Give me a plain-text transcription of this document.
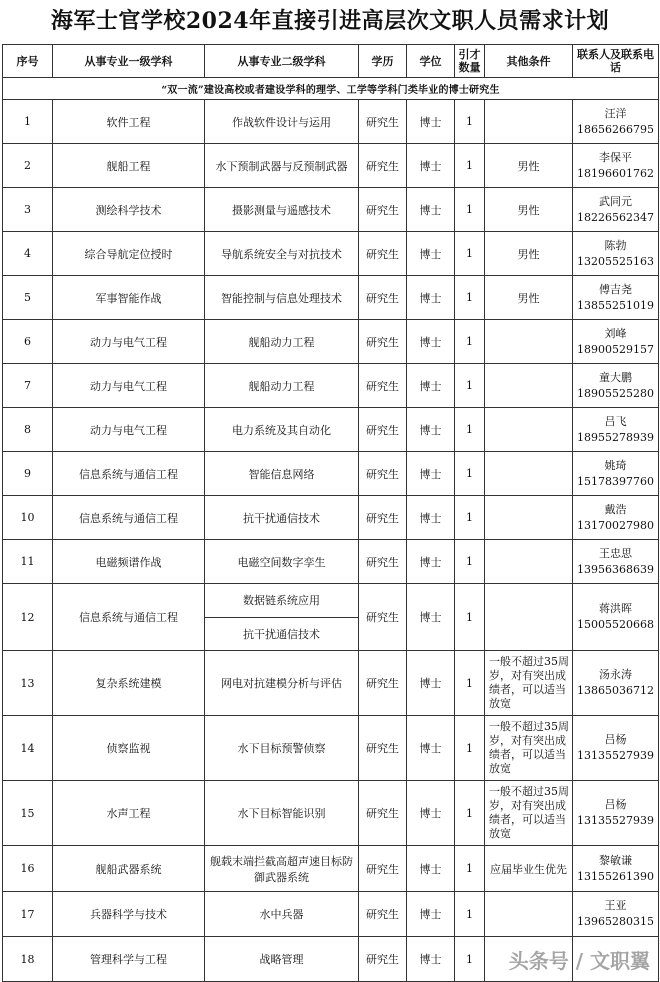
海军士官学校2024年直接引进高层次文职人员需求计划
序号	从事专业一级学科	从事专业二级学科	学历	学位	引才数量	其他条件	联系人及联系电话
“双一流”建设高校或者建设学科的理学、工学等学科门类毕业的博士研究生							
1	软件工程	作战软件设计与运用	研究生	博士	1		汪洋
18656266795

2	舰船工程	水下预制武器与反预制武器	研究生	博士	1	男性	李保平
18196601762

3	测绘科学技术	摄影测量与遥感技术	研究生	博士	1	男性	武同元
18226562347

4	综合导航定位授时	导航系统安全与对抗技术	研究生	博士	1	男性	陈勃
13205525163

5	军事智能作战	智能控制与信息处理技术	研究生	博士	1	男性	傅吉尧
13855251019

6	动力与电气工程	舰船动力工程	研究生	博士	1		刘峰
18900529157

7	动力与电气工程	舰船动力工程	研究生	博士	1		童大鹏
18905525280

8	动力与电气工程	电力系统及其自动化	研究生	博士	1		吕飞
18955278939

9	信息系统与通信工程	智能信息网络	研究生	博士	1		姚琦
15178397760

10	信息系统与通信工程	抗干扰通信技术	研究生	博士	1		戴浩
13170027980

11	电磁频谱作战	电磁空间数字孪生	研究生	博士	1		王忠思
13956368639

12	信息系统与通信工程	数据链系统应用	研究生	博士	1		蒋洪晖
15005520668

		抗干扰通信技术					
13	复杂系统建模	网电对抗建模分析与评估	研究生	博士	1	一般不超过35周岁，对有突出成绩者，可以适当放宽	汤永涛
13865036712

14	侦察监视	水下目标预警侦察	研究生	博士	1	一般不超过35周岁，对有突出成绩者，可以适当放宽	吕杨
13135527939

15	水声工程	水下目标智能识别	研究生	博士	1	一般不超过35周岁，对有突出成绩者，可以适当放宽	吕杨
13135527939

16	舰船武器系统	舰载末端拦截高超声速目标防御武器系统	研究生	博士	1	应届毕业生优先	黎敏谦
13155261390

17	兵器科学与技术	水中兵器	研究生	博士	1		王亚
13965280315

18	管理科学与工程	战略管理	研究生	博士	1		头条号 / 文职翼
